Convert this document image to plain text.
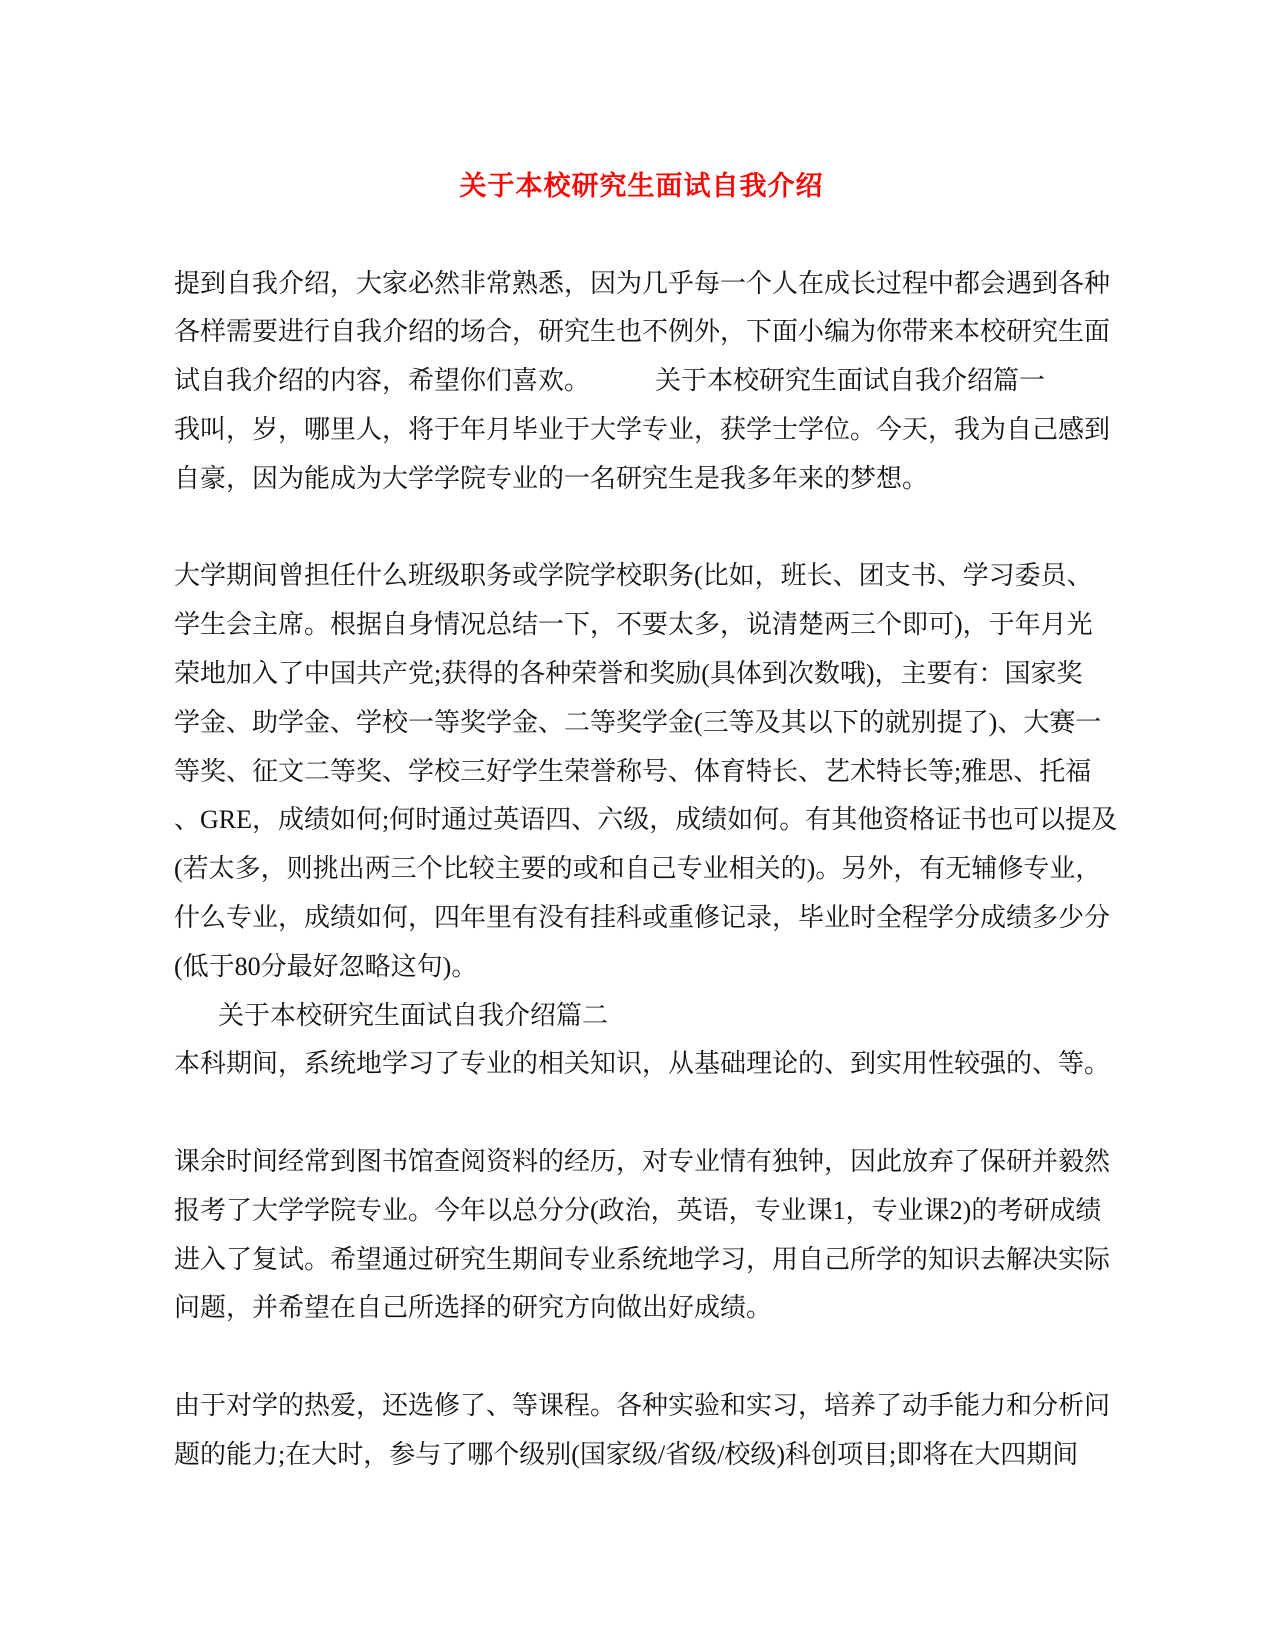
关于本校研究生面试自我介绍
提到自我介绍，大家必然非常熟悉，因为几乎每一个人在成长过程中都会遇到各种
各样需要进行自我介绍的场合，研究生也不例外，下面小编为你带来本校研究生面
试自我介绍的内容，希望你们喜欢。　　　关于本校研究生面试自我介绍篇一
我叫，岁，哪里人，将于年月毕业于大学专业，获学士学位。今天，我为自己感到
自豪，因为能成为大学学院专业的一名研究生是我多年来的梦想。
大学期间曾担任什么班级职务或学院学校职务(比如，班长、团支书、学习委员、
学生会主席。根据自身情况总结一下，不要太多，说清楚两三个即可)，于年月光
荣地加入了中国共产党;获得的各种荣誉和奖励(具体到次数哦)，主要有：国家奖
学金、助学金、学校一等奖学金、二等奖学金(三等及其以下的就别提了)、大赛一
等奖、征文二等奖、学校三好学生荣誉称号、体育特长、艺术特长等;雅思、托福
、GRE，成绩如何;何时通过英语四、六级，成绩如何。有其他资格证书也可以提及
(若太多，则挑出两三个比较主要的或和自己专业相关的)。另外，有无辅修专业，
什么专业，成绩如何，四年里有没有挂科或重修记录，毕业时全程学分成绩多少分
(低于80分最好忽略这句)。
关于本校研究生面试自我介绍篇二
本科期间，系统地学习了专业的相关知识，从基础理论的、到实用性较强的、等。
课余时间经常到图书馆查阅资料的经历，对专业情有独钟，因此放弃了保研并毅然
报考了大学学院专业。今年以总分分(政治，英语，专业课1，专业课2)的考研成绩
进入了复试。希望通过研究生期间专业系统地学习，用自己所学的知识去解决实际
问题，并希望在自己所选择的研究方向做出好成绩。
由于对学的热爱，还选修了、等课程。各种实验和实习，培养了动手能力和分析问
题的能力;在大时，参与了哪个级别(国家级/省级/校级)科创项目;即将在大四期间
